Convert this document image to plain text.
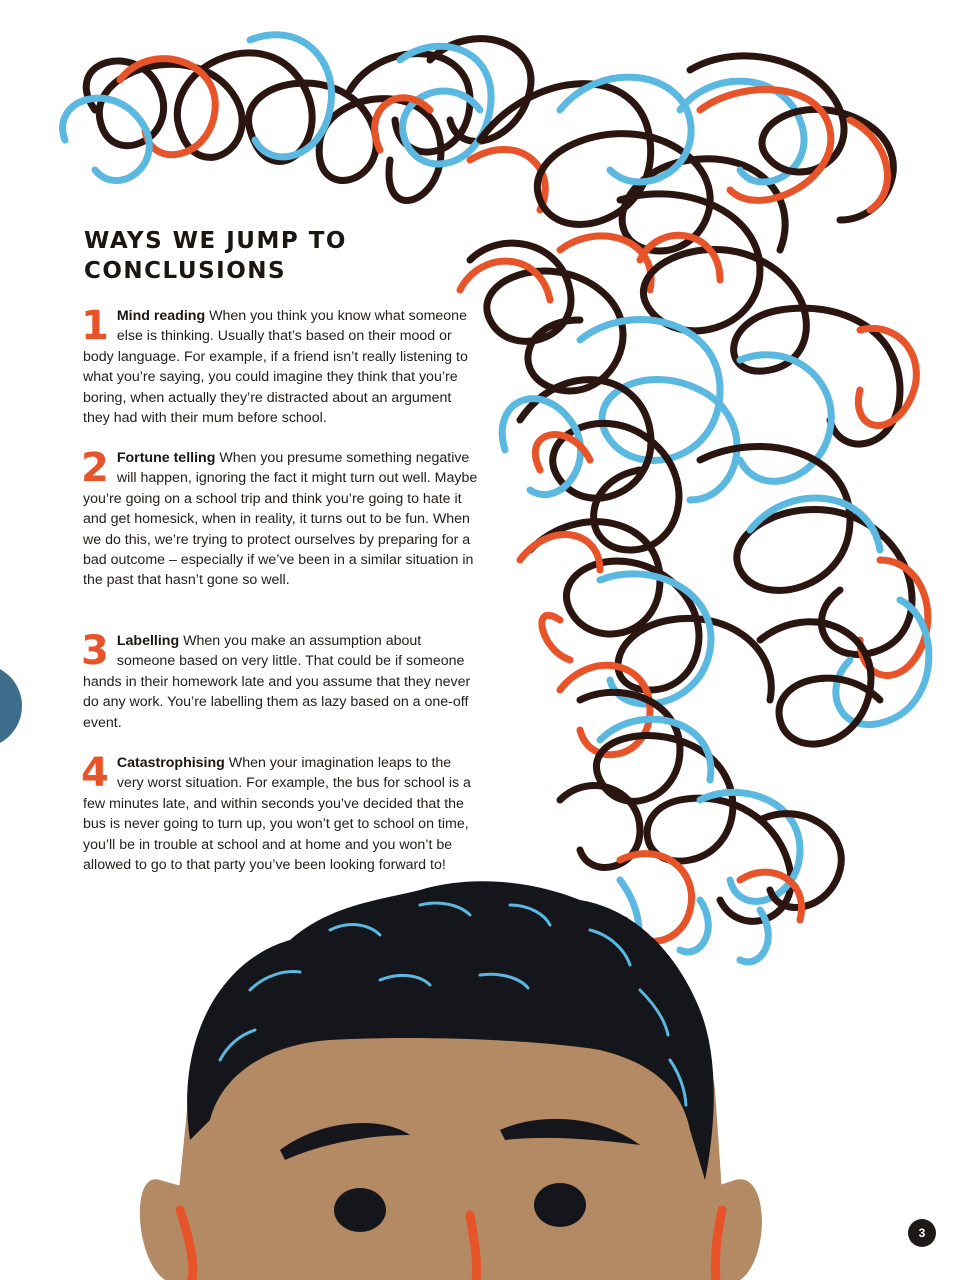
WAYS WE JUMP TO CONCLUSIONS
1 Mind reading When you think you know what someone else is thinking. Usually that’s based on their mood or body language. For example, if a friend isn’t really listening to what you’re saying, you could imagine they think that you’re boring, when actually they’re distracted about an argument they had with their mum before school.
2 Fortune telling When you presume something negative will happen, ignoring the fact it might turn out well. Maybe you’re going on a school trip and think you’re going to hate it and get homesick, when in reality, it turns out to be fun. When we do this, we’re trying to protect ourselves by preparing for a bad outcome – especially if we’ve been in a similar situation in the past that hasn’t gone so well.
3 Labelling When you make an assumption about someone based on very little. That could be if someone hands in their homework late and you assume that they never do any work. You’re labelling them as lazy based on a one-off event.
4 Catastrophising When your imagination leaps to the very worst situation. For example, the bus for school is a few minutes late, and within seconds you’ve decided that the bus is never going to turn up, you won’t get to school on time, you’ll be in trouble at school and at home and you won’t be allowed to go to that party you’ve been looking forward to!
3
